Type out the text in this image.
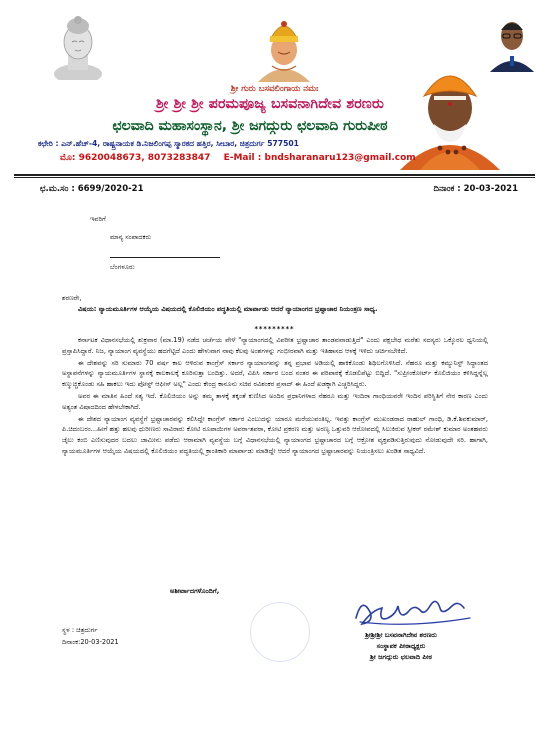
ಶ್ರೀ ಗುರು ಬಸವಲಿಂಗಾಯ ನಮಃ
ಶ್ರೀ ಶ್ರೀ ಶ್ರೀ ಪರಮಪೂಜ್ಯ ಬಸವನಾಗಿದೇವ ಶರಣರು
ಛಲವಾದಿ ಮಹಾಸಂಸ್ಥಾನ, ಶ್ರೀ ಜಗದ್ಗುರು ಛಲವಾದಿ ಗುರುಪೀಠ
ಕಛೇರಿ : ಎನ್.ಹೆಚ್-4, ರಾಷ್ಟ್ರನಾಯಕ ಡಿ.ನಿಜಲಿಂಗಪ್ಪ ಸ್ಮಾರಕದ ಹತ್ತಿರ, ಸೀಬಾರ, ಚಿತ್ರದುರ್ಗ 577501
ಮೊ: 9620048673, 8073283847 E-Mail : bndsharanaru123@gmail.com
ಛ.ಮ.ಸಂ : 6699/2020-21	ದಿನಾಂಕ : 20-03-2021
ಇವರಿಗೆ
ಮಾನ್ಯ ಸಂಪಾದಕರು
ಬೆಂಗಳೂರು
ಶರಣರೇ,
ವಿಷಯ: ನ್ಯಾಯಮೂರ್ತಿಗಳ ಆಯ್ಕೆಯ ವಿಷಯದಲ್ಲಿ ಕೊಲಿಜಿಯಂ ಪದ್ಧತಿಯಲ್ಲಿ ಮಾರ್ಪಾಡು ಆದರೆ ನ್ಯಾಯಾಂಗದ ಭ್ರಷ್ಟಾಚಾರ ನಿಯಂತ್ರಣ ಸಾಧ್ಯ.
*********

ಕರ್ನಾಟಕ ವಿಧಾನಸಭೆಯಲ್ಲಿ ಶುಕ್ರವಾರ (ಮಾ.19) ನಡೆದ ಚರ್ಚೆಯ ವೇಳೆ "ನ್ಯಾಯಾಂಗದಲ್ಲಿ ವಿಪರೀತ ಭ್ರಷ್ಟಾಚಾರ ತಾಂಡವವಾಡುತ್ತಿದೆ" ಎಂದು ಪಕ್ಷಬೇಧ ಮರೆತು ಸದಸ್ಯರು ಒಕ್ಕೊರಲ ಧ್ವನಿಯಲ್ಲಿ ಪ್ರಸ್ತಾಪಿಸಿದ್ದಾರೆ. ನಿಜ, ನ್ಯಾಯಾಂಗ ವ್ಯವಸ್ಥೆಯು ಹದಗೆಟ್ಟಿದೆ ಎಂದು ಹೇಳುವಾಗ ನಾವು ಕೆಲವು ಅಂಶಗಳನ್ನು ಗಂಭೀರವಾಗಿ ಮತ್ತು ಇತಿಹಾಸದ ಆಳಕ್ಕೆ ಇಳಿದು ಚರ್ಚಿಸಬೇಕಿದೆ.

ಈ ದೇಶವನ್ನು ಸರಿ ಸುಮಾರು 70 ವರ್ಷ ಕಾಲ ಆಳಿರುವ ಕಾಂಗ್ರೆಸ್ ಸರ್ಕಾರ ನ್ಯಾಯಾಂಗವನ್ನು ತನ್ನ ಪ್ರಭಾವ ಅಡಿಯಲ್ಲಿ ಹಾಕಿಕೊಂಡು ಶಿಥಿಲಗೊಳಿಸಿದೆ. ನೆಹರೂ ಮತ್ತು ಕಮ್ಯುನಿಸ್ಟ್ ಸಿದ್ಧಾಂತದ ಅಸ್ಥಾಪನೆಗಳನ್ನು ನ್ಯಾಯಮೂರ್ತಿಗಳ ಸ್ಥಾನಕ್ಕೆ ಕಾಲಕಾಲಕ್ಕೆ ಕೂರಿಸುತ್ತಾ ಬಂದಿತ್ತು. ಅದರೆ, ವಿಪಿಸಿ ಸರ್ಕಾರ ಬಂದ ನಂತರ ಈ ಪರಿಪಾಠಕ್ಕೆ ಕೊಡಲಿಪೆಟ್ಟು ಬಿದ್ದಿದೆ. "ಸುಪ್ರೀಂಕೋರ್ಟ್ ಕೊಲಿಜಿಯಂ ಕಳಿಸಿದ್ದನ್ನೆಲ್ಲ ಕಣ್ಮುಚ್ಚಿಕೊಂಡು ಸಹಿ ಹಾಕಲು ಇದು ಪೋಸ್ಟ್ ಆಫೀಸ್ ಅಲ್ಲ" ಎಂದು ಕೇಂದ್ರ ಕಾನೂನು ಸಚಿವ ರವಿಶಂಕರ ಪ್ರಸಾದ್ ಈ ಹಿಂದೆ ಖಡಕ್ಕಾಗಿ ಎಚ್ಚರಿಸಿದ್ದರು.

ಅವರ ಈ ಮಾತಿನ ಹಿಂದೆ ಸತ್ಯ ಇದೆ. ಕೊಲಿಜಿಯಂ ಅನ್ನು ತಮ್ಮ ತಾಳಕ್ಕೆ ತಕ್ಕಂತೆ ಕುಣಿಸಿದ ಅಂದಿನ ಪ್ರಧಾನಿಗಳಾದ ನೆಹರೂ ಮತ್ತು ಇಂದಿರಾ ಗಾಂಧಿಯವರೇ ಇಂದಿನ ಪರಿಸ್ಥಿತಿಗೆ ನೇರ ಕಾರಣ ಎಂದು ಅತ್ಯಂತ ವಿಷಾದದಿಂದ ಹೇಳಬೇಕಾಗಿದೆ.

ಈ ದೇಶದ ನ್ಯಾಯಾಂಗ ವ್ಯವಸ್ಥೆಗೆ ಭ್ರಷ್ಟಾಚಾರವನ್ನು ಕಲಿಸಿದ್ದೇ ಕಾಂಗ್ರೆಸ್ ಸರ್ಕಾರ ಎಂಬುದನ್ನು ಯಾರೂ ಮರೆಯುವಂತಿಲ್ಲ. ಇವತ್ತು ಕಾಂಗ್ರೆಸ್ ಮುಖಂಡರಾದ ರಾಹುಲ್ ಗಾಂಧಿ, ಡಿ.ಕೆ.ಶಿವಕುಮಾರ್, ಪಿ.ಚಿದಂಬರಂ...ಹೀಗೆ ಹತ್ತು ಹಲವು ಧುರೀಣರು ಸಾವಿರಾರು ಕೋಟಿ ರೂಪಾಯಿಗಳ ಅಪರಾ-ತಪರಾ, ಕೋಟಿ ಪ್ರಕರಣ ಮತ್ತು ಅರಣ್ಯ ಒತ್ತುವರಿ ಆರೋಪದಲ್ಲಿ ಸಿಲುಕಿರುವ ಸ್ಪೀಕರ್ ರಮೇಶ್ ಕುಮಾರ ಅಂತಹವರು ಜೈಲು ಕಂಬಿ ಎಣಿಸುವುದರ ಬದಲು ಜಾಮೀನು ಪಡೆದು ಆರಾಮಾಗಿ ವ್ಯವಸ್ಥೆಯ ಬಗ್ಗೆ ವಿಧಾನಸಭೆಯಲ್ಲಿ ನ್ಯಾಯಾಂಗದ ಭ್ರಷ್ಟಾಚಾರದ ಬಗ್ಗೆ ಆಕ್ರೋಶ ವ್ಯಕ್ತಪಡಿಸುತ್ತಿರುವುದು ನೋಡುವುದೇ ಸರಿ. ಹಾಗಾಗಿ, ನ್ಯಾಯಮೂರ್ತಿಗಳ ಆಯ್ಕೆಯ ವಿಷಯದಲ್ಲಿ ಕೊಲಿಜಿಯಂ ಪದ್ಧತಿಯಲ್ಲಿ ಕ್ರಾಂತಿಕಾರಿ ಮಾರ್ಪಾಡು ಮಾಡಿದ್ದೇ ಆದರೆ ನ್ಯಾಯಾಂಗದ ಭ್ರಷ್ಟಾಚಾರವನ್ನು ನಿಯಂತ್ರಿಸಲು ಖಂಡಿತ ಸಾಧ್ಯವಿದೆ.

ಅಶೀರ್ವಾದಗಳೊಂದಿಗೆ,
ಸ್ಥಳ : ಚಿತ್ರದುರ್ಗ
ದಿನಾಂಕ:20-03-2021
ಶ್ರೀಶ್ರೀಶ್ರೀ ಬಸವನಾಗಿದೇವ ಶರಣರು
ಸಂಸ್ಥಾಪಕ ಪೀಠಾಧ್ಯಕ್ಷರು
ಶ್ರೀ ಜಗದ್ಗುರು ಛಲವಾದಿ ಪೀಠ
